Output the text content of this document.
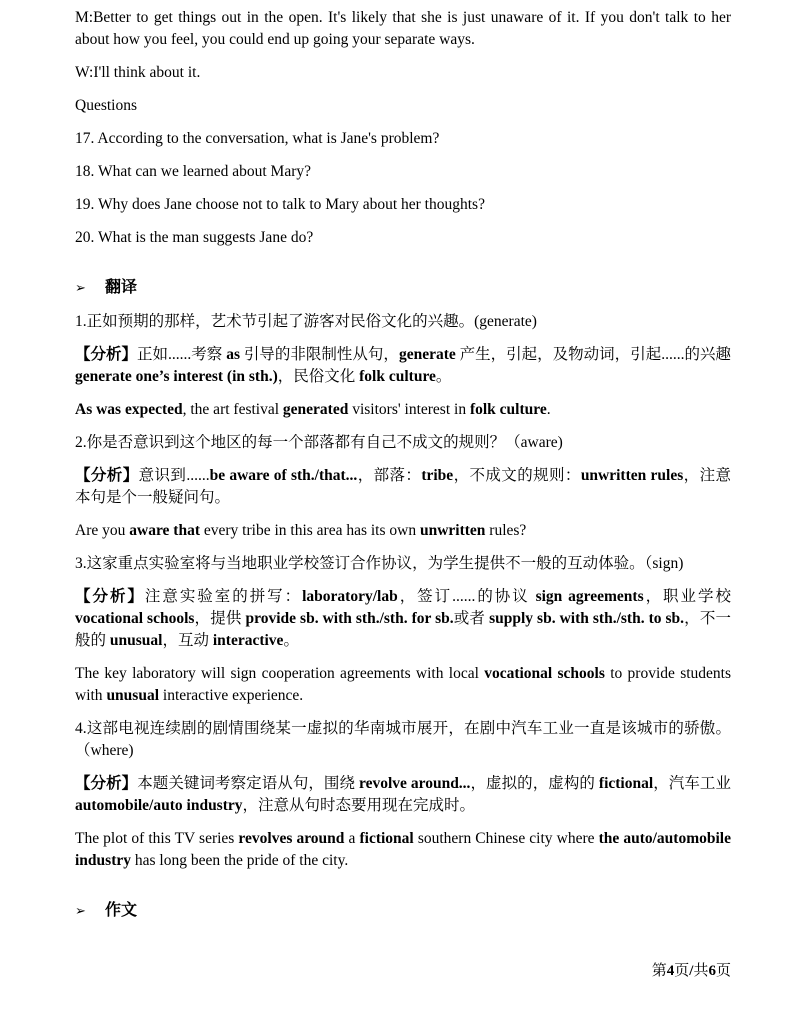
M:Better to get things out in the open. It's likely that she is just unaware of it. If you don't talk to her about how you feel, you could end up going your separate ways.

W:I'll think about it.

Questions

17. According to the conversation, what is Jane's problem?

18. What can we learned about Mary?

19. Why does Jane choose not to talk to Mary about her thoughts?

20. What is the man suggests Jane do?

➢ 翻译

1.正如预期的那样，艺术节引起了游客对民俗文化的兴趣。(generate)

【分析】正如......考察 as 引导的非限制性从句，generate 产生，引起，及物动词，引起......的兴趣 generate one’s interest (in sth.)，民俗文化 folk culture。

As was expected, the art festival generated visitors' interest in folk culture.

2.你是否意识到这个地区的每一个部落都有自己不成文的规则？（aware)

【分析】意识到......be aware of sth./that...，部落：tribe，不成文的规则：unwritten rules，注意本句是个一般疑问句。

Are you aware that every tribe in this area has its own unwritten rules?

3.这家重点实验室将与当地职业学校签订合作协议，为学生提供不一般的互动体验。（sign)

【分析】注意实验室的拼写：laboratory/lab，签订......的协议 sign agreements，职业学校 vocational schools，提供 provide sb. with sth./sth. for sb.或者 supply sb. with sth./sth. to sb.，不一般的 unusual，互动 interactive。

The key laboratory will sign cooperation agreements with local vocational schools to provide students with unusual interactive experience.

4.这部电视连续剧的剧情围绕某一虚拟的华南城市展开，在剧中汽车工业一直是该城市的骄傲。（where)

【分析】本题关键词考察定语从句，围绕 revolve around...，虚拟的，虚构的 fictional，汽车工业 automobile/auto industry，注意从句时态要用现在完成时。

The plot of this TV series revolves around a fictional southern Chinese city where the auto/automobile industry has long been the pride of the city.

➢ 作文

第4页/共6页
